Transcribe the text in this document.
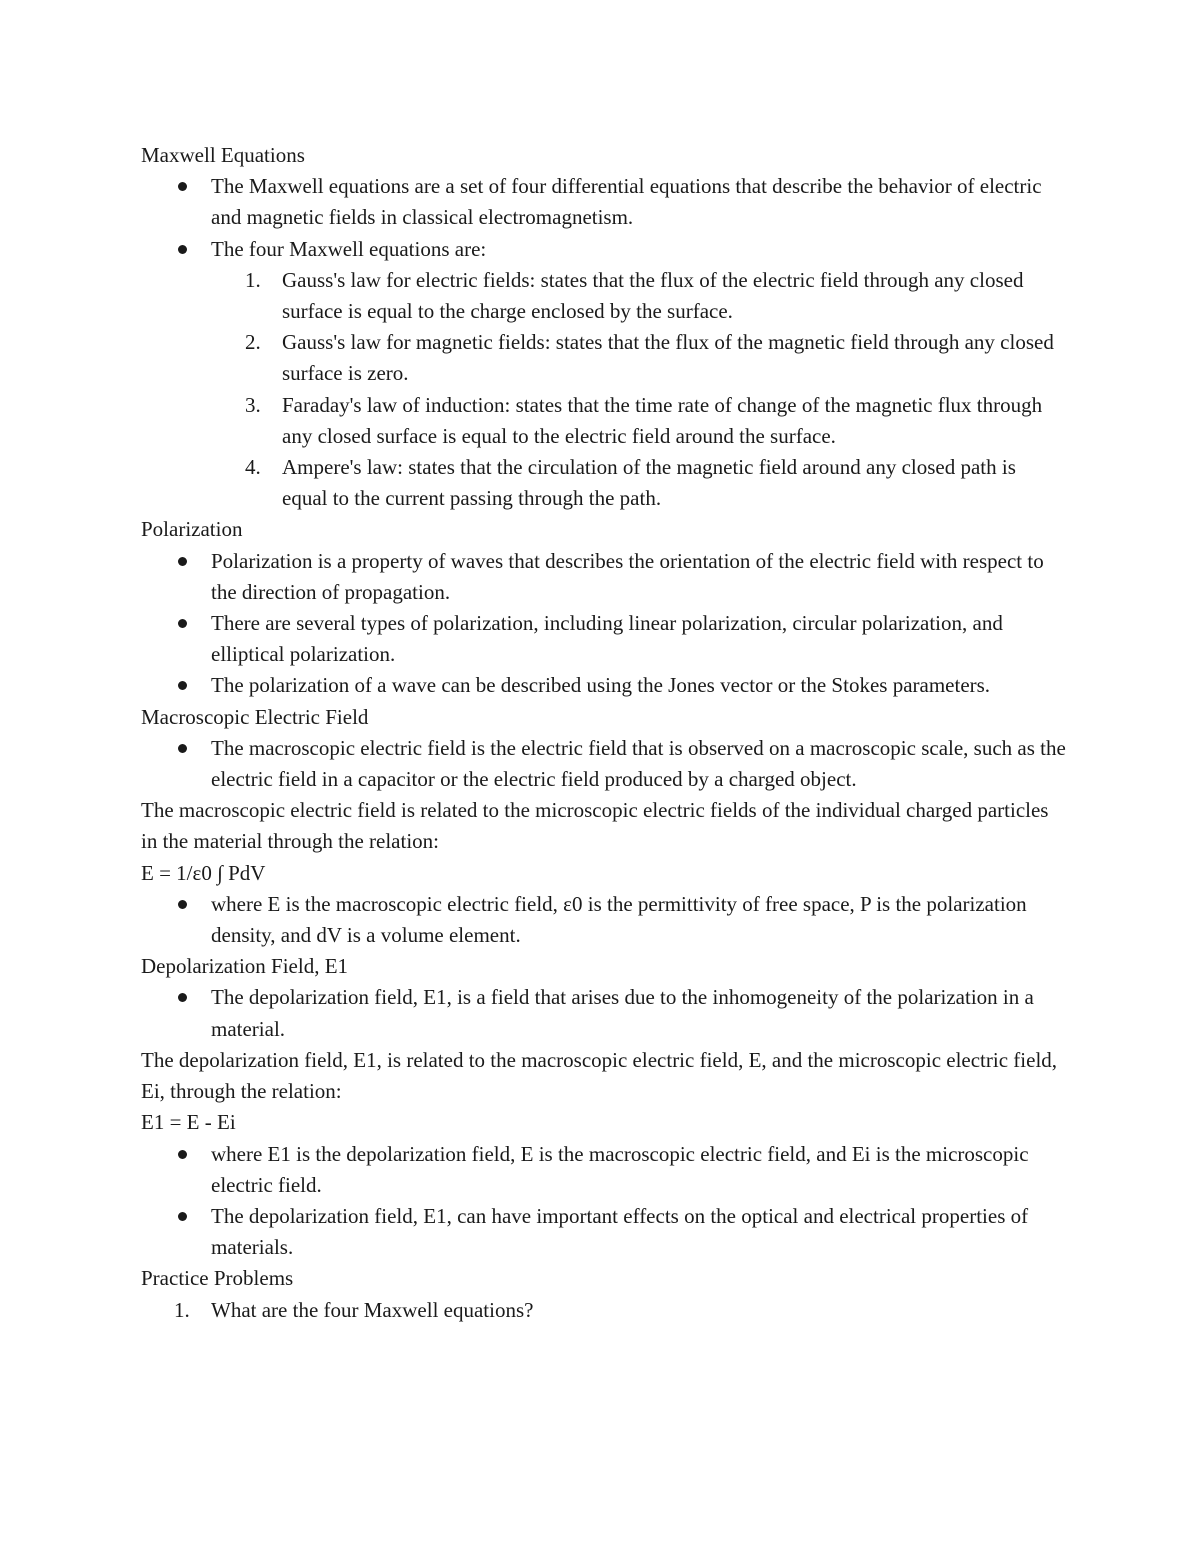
Maxwell Equations

The Maxwell equations are a set of four differential equations that describe the behavior of electric and magnetic fields in classical electromagnetism.
The four Maxwell equations are:
1.	Gauss's law for electric fields: states that the flux of the electric field through any closed surface is equal to the charge enclosed by the surface.
2.	Gauss's law for magnetic fields: states that the flux of the magnetic field through any closed surface is zero.
3.	Faraday's law of induction: states that the time rate of change of the magnetic flux through any closed surface is equal to the electric field around the surface.
4.	Ampere's law: states that the circulation of the magnetic field around any closed path is equal to the current passing through the path.

Polarization

Polarization is a property of waves that describes the orientation of the electric field with respect to the direction of propagation.
There are several types of polarization, including linear polarization, circular polarization, and elliptical polarization.
The polarization of a wave can be described using the Jones vector or the Stokes parameters.

Macroscopic Electric Field

The macroscopic electric field is the electric field that is observed on a macroscopic scale, such as the electric field in a capacitor or the electric field produced by a charged object.

The macroscopic electric field is related to the microscopic electric fields of the individual charged particles in the material through the relation:

E = 1/ε0 ∫ PdV

where E is the macroscopic electric field, ε0 is the permittivity of free space, P is the polarization density, and dV is a volume element.

Depolarization Field, E1

The depolarization field, E1, is a field that arises due to the inhomogeneity of the polarization in a material.

The depolarization field, E1, is related to the macroscopic electric field, E, and the microscopic electric field, Ei, through the relation:

E1 = E - Ei

where E1 is the depolarization field, E is the macroscopic electric field, and Ei is the microscopic electric field.
The depolarization field, E1, can have important effects on the optical and electrical properties of materials.

Practice Problems

1.	What are the four Maxwell equations?
